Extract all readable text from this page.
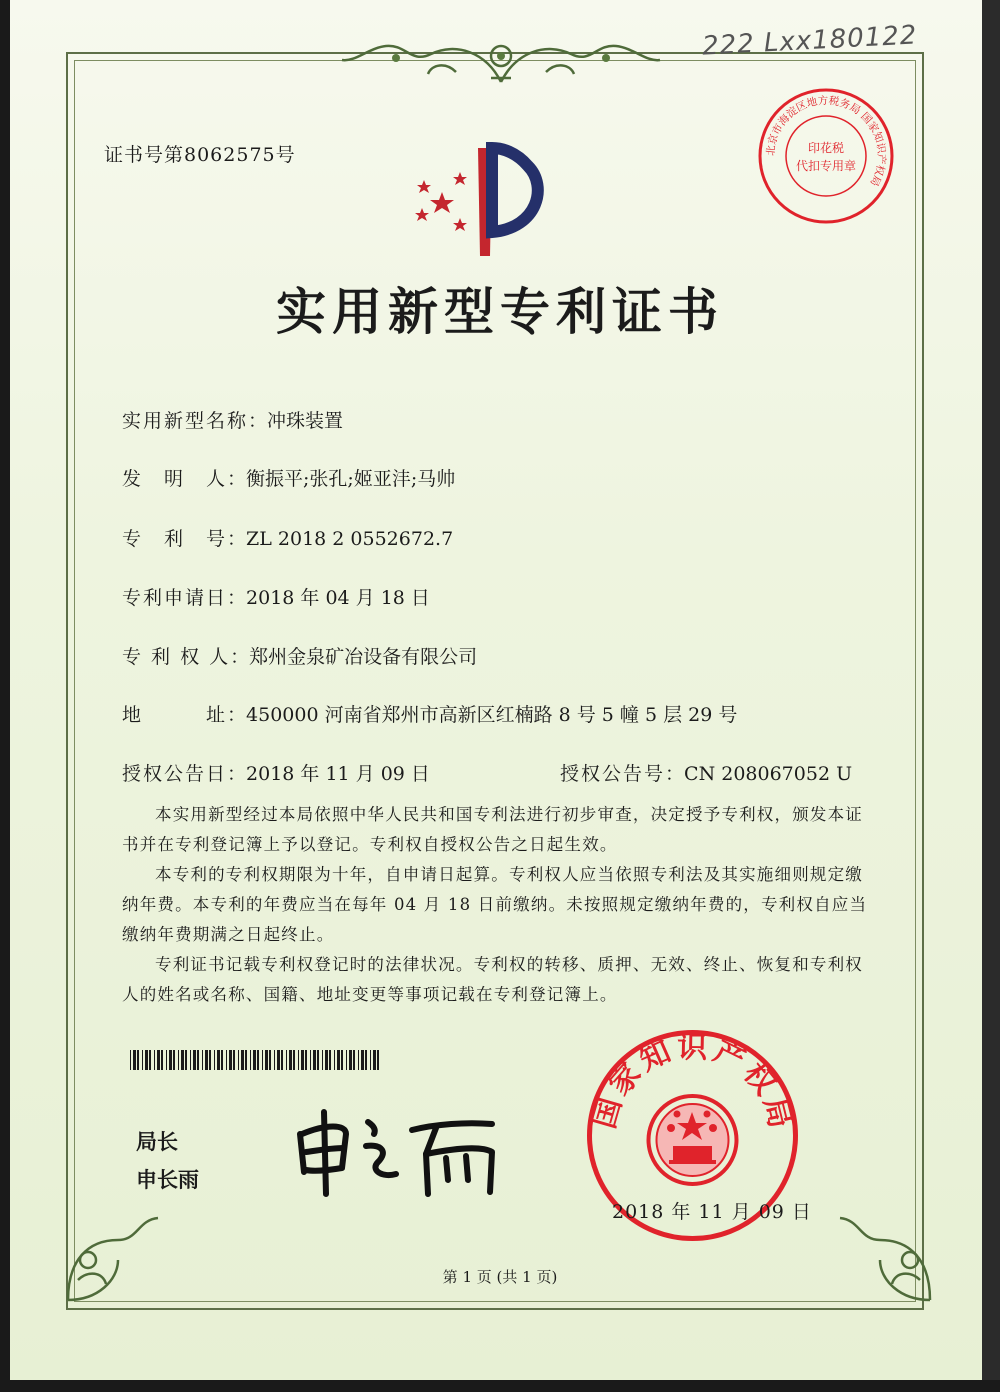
222 Lxx180122
北京市海淀区地方税务局 国家知识产权局
印花税
代扣专用章
证书号第8062575号
实用新型专利证书
实用新型名称：冲珠装置
发　明　人：衡振平;张孔;姬亚沣;马帅
专　利　号：ZL 2018 2 0552672.7
专利申请日：2018 年 04 月 18 日
专 利 权 人：郑州金泉矿冶设备有限公司
地　　　址：450000 河南省郑州市高新区红楠路 8 号 5 幢 5 层 29 号
授权公告日：2018 年 11 月 09 日	授权公告号：CN 208067052 U

本实用新型经过本局依照中华人民共和国专利法进行初步审查，决定授予专利权，颁发本证书并在专利登记簿上予以登记。专利权自授权公告之日起生效。

本专利的专利权期限为十年，自申请日起算。专利权人应当依照专利法及其实施细则规定缴纳年费。本专利的年费应当在每年 04 月 18 日前缴纳。未按照规定缴纳年费的，专利权自应当缴纳年费期满之日起终止。

专利证书记载专利权登记时的法律状况。专利权的转移、质押、无效、终止、恢复和专利权人的姓名或名称、国籍、地址变更等事项记载在专利登记簿上。

局长
申长雨
国家知识产权局
2018 年 11 月 09 日
第 1 页 (共 1 页)
